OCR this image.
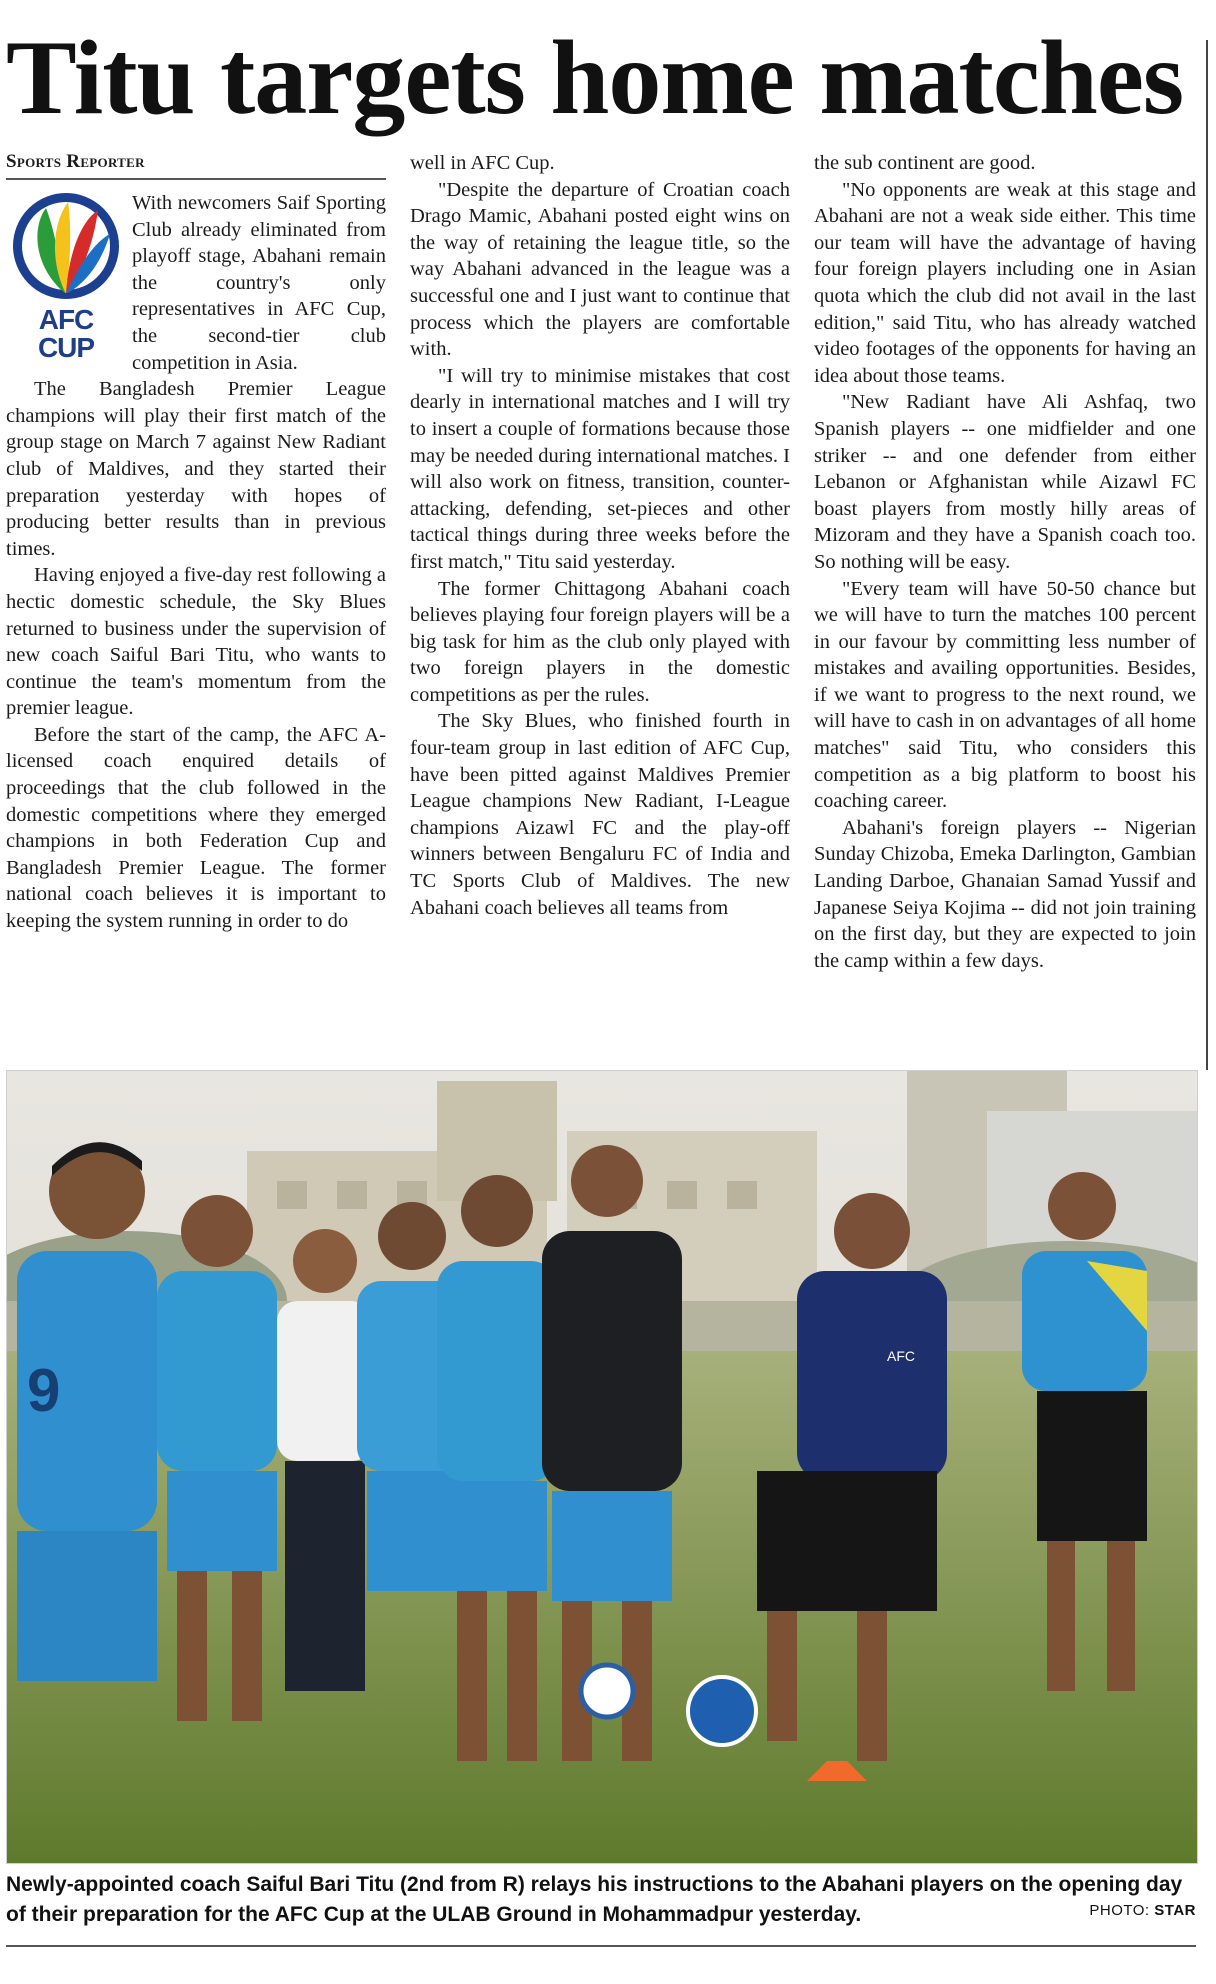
Titu targets home matches
Sports Reporter
AFC
CUP

With newcomers Saif Sporting Club already eliminated from playoff stage, Abahani remain the country's only representatives in AFC Cup, the second-tier club competition in Asia.

The Bangladesh Premier League champions will play their first match of the group stage on March 7 against New Radiant club of Maldives, and they started their preparation yesterday with hopes of producing better results than in previous times.

Having enjoyed a five-day rest following a hectic domestic schedule, the Sky Blues returned to business under the supervision of new coach Saiful Bari Titu, who wants to continue the team's momentum from the premier league.

Before the start of the camp, the AFC A-licensed coach enquired details of proceedings that the club followed in the domestic competitions where they emerged champions in both Federation Cup and Bangladesh Premier League. The former national coach believes it is important to keeping the system running in order to do

well in AFC Cup.

"Despite the departure of Croatian coach Drago Mamic, Abahani posted eight wins on the way of retaining the league title, so the way Abahani advanced in the league was a successful one and I just want to continue that process which the players are comfortable with.

"I will try to minimise mistakes that cost dearly in international matches and I will try to insert a couple of formations because those may be needed during international matches. I will also work on fitness, transition, counter-attacking, defending, set-pieces and other tactical things during three weeks before the first match," Titu said yesterday.

The former Chittagong Abahani coach believes playing four foreign players will be a big task for him as the club only played with two foreign players in the domestic competitions as per the rules.

The Sky Blues, who finished fourth in four-team group in last edition of AFC Cup, have been pitted against Maldives Premier League champions New Radiant, I-League champions Aizawl FC and the play-off winners between Bengaluru FC of India and TC Sports Club of Maldives. The new Abahani coach believes all teams from

the sub continent are good.

"No opponents are weak at this stage and Abahani are not a weak side either. This time our team will have the advantage of having four foreign players including one in Asian quota which the club did not avail in the last edition," said Titu, who has already watched video footages of the opponents for having an idea about those teams.

"New Radiant have Ali Ashfaq, two Spanish players -- one midfielder and one striker -- and one defender from either Lebanon or Afghanistan while Aizawl FC boast players from mostly hilly areas of Mizoram and they have a Spanish coach too. So nothing will be easy.

"Every team will have 50-50 chance but we will have to turn the matches 100 percent in our favour by committing less number of mistakes and availing opportunities. Besides, if we want to progress to the next round, we will have to cash in on advantages of all home matches" said Titu, who considers this competition as a big platform to boost his coaching career.

Abahani's foreign players -- Nigerian Sunday Chizoba, Emeka Darlington, Gambian Landing Darboe, Ghanaian Samad Yussif and Japanese Seiya Kojima -- did not join training on the first day, but they are expected to join the camp within a few days.

9
AFC
Newly-appointed coach Saiful Bari Titu (2nd from R) relays his instructions to the Abahani players on the opening day of their preparation for the AFC Cup at the ULAB Ground in Mohammadpur yesterday.	PHOTO: STAR
